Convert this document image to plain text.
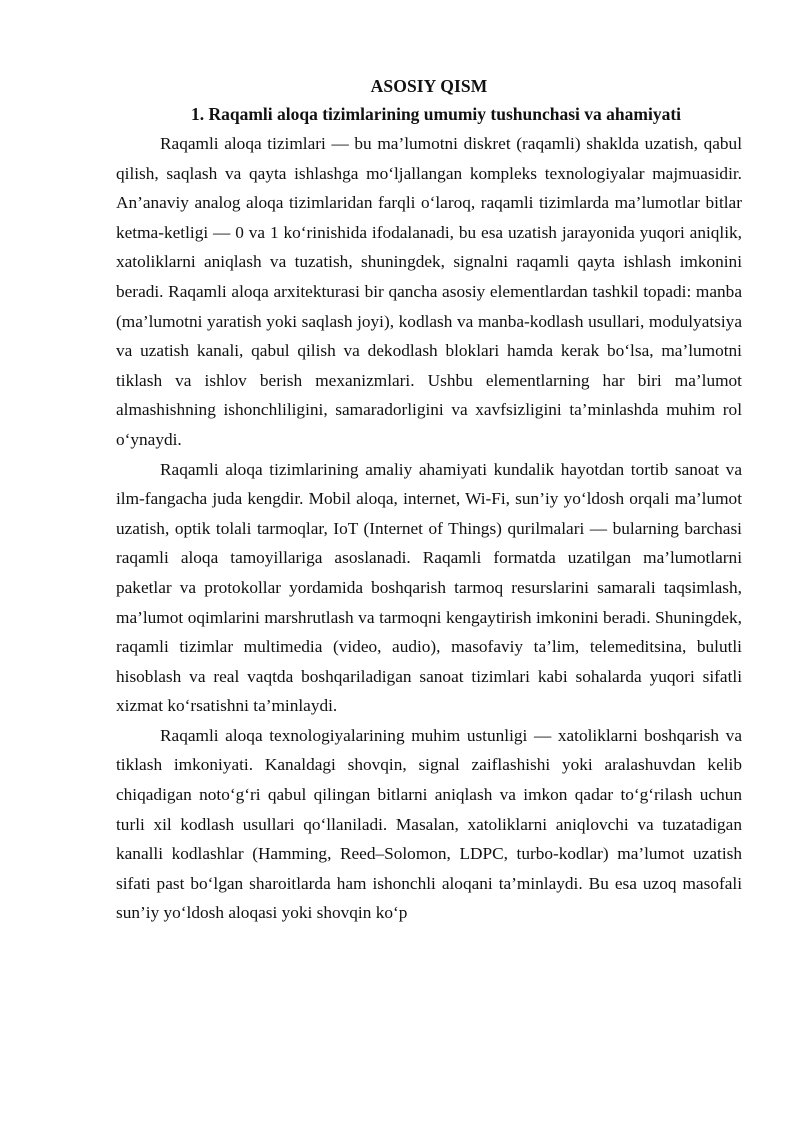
ASOSIY QISM
1. Raqamli aloqa tizimlarining umumiy tushunchasi va ahamiyati

Raqamli aloqa tizimlari — bu ma’lumotni diskret (raqamli) shaklda uzatish, qabul qilish, saqlash va qayta ishlashga mo‘ljallangan kompleks texnologiyalar majmuasidir. An’anaviy analog aloqa tizimlaridan farqli o‘laroq, raqamli tizimlarda ma’lumotlar bitlar ketma-ketligi — 0 va 1 ko‘rinishida ifodalanadi, bu esa uzatish jarayonida yuqori aniqlik, xatoliklarni aniqlash va tuzatish, shuningdek, signalni raqamli qayta ishlash imkonini beradi. Raqamli aloqa arxitekturasi bir qancha asosiy elementlardan tashkil topadi: manba (ma’lumotni yaratish yoki saqlash joyi), kodlash va manba-kodlash usullari, modulyatsiya va uzatish kanali, qabul qilish va dekodlash bloklari hamda kerak bo‘lsa, ma’lumotni tiklash va ishlov berish mexanizmlari. Ushbu elementlarning har biri ma’lumot almashishning ishonchliligini, samaradorligini va xavfsizligini ta’minlashda muhim rol o‘ynaydi.

Raqamli aloqa tizimlarining amaliy ahamiyati kundalik hayotdan tortib sanoat va ilm-fangacha juda kengdir. Mobil aloqa, internet, Wi-Fi, sun’iy yo‘ldosh orqali ma’lumot uzatish, optik tolali tarmoqlar, IoT (Internet of Things) qurilmalari — bularning barchasi raqamli aloqa tamoyillariga asoslanadi. Raqamli formatda uzatilgan ma’lumotlarni paketlar va protokollar yordamida boshqarish tarmoq resurslarini samarali taqsimlash, ma’lumot oqimlarini marshrutlash va tarmoqni kengaytirish imkonini beradi. Shuningdek, raqamli tizimlar multimedia (video, audio), masofaviy ta’lim, telemeditsina, bulutli hisoblash va real vaqtda boshqariladigan sanoat tizimlari kabi sohalarda yuqori sifatli xizmat ko‘rsatishni ta’minlaydi.

Raqamli aloqa texnologiyalarining muhim ustunligi — xatoliklarni boshqarish va tiklash imkoniyati. Kanaldagi shovqin, signal zaiflashishi yoki aralashuvdan kelib chiqadigan noto‘g‘ri qabul qilingan bitlarni aniqlash va imkon qadar to‘g‘rilash uchun turli xil kodlash usullari qo‘llaniladi. Masalan, xatoliklarni aniqlovchi va tuzatadigan kanalli kodlashlar (Hamming, Reed–Solomon, LDPC, turbo-kodlar) ma’lumot uzatish sifati past bo‘lgan sharoitlarda ham ishonchli aloqani ta’minlaydi. Bu esa uzoq masofali sun’iy yo‘ldosh aloqasi yoki shovqin ko‘p
